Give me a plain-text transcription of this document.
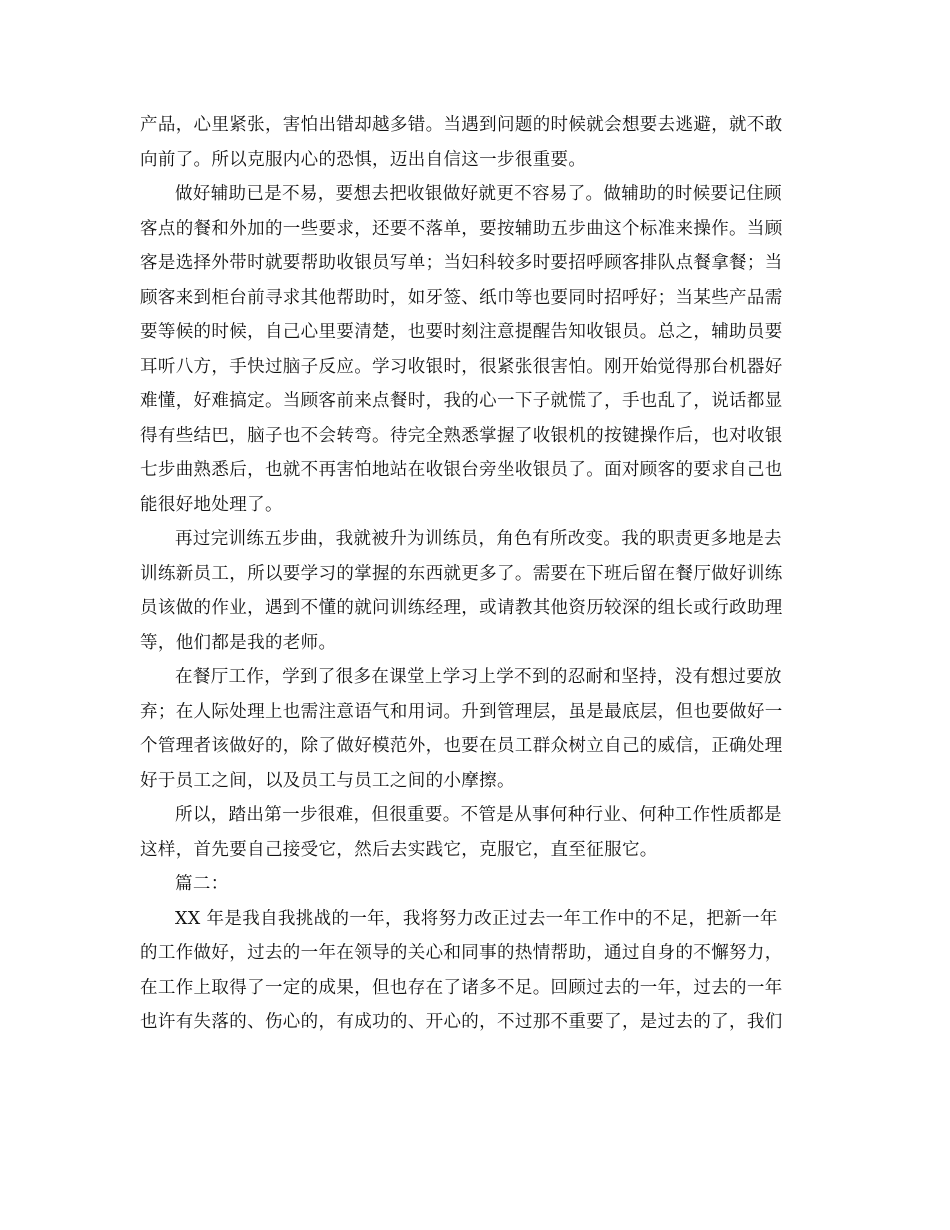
产品，心里紧张，害怕出错却越多错。当遇到问题的时候就会想要去逃避，就不敢
向前了。所以克服内心的恐惧，迈出自信这一步很重要。
做好辅助已是不易，要想去把收银做好就更不容易了。做辅助的时候要记住顾
客点的餐和外加的一些要求，还要不落单，要按辅助五步曲这个标准来操作。当顾
客是选择外带时就要帮助收银员写单；当妇科较多时要招呼顾客排队点餐拿餐；当
顾客来到柜台前寻求其他帮助时，如牙签、纸巾等也要同时招呼好；当某些产品需
要等候的时候，自己心里要清楚，也要时刻注意提醒告知收银员。总之，辅助员要
耳听八方，手快过脑子反应。学习收银时，很紧张很害怕。刚开始觉得那台机器好
难懂，好难搞定。当顾客前来点餐时，我的心一下子就慌了，手也乱了，说话都显
得有些结巴，脑子也不会转弯。待完全熟悉掌握了收银机的按键操作后，也对收银
七步曲熟悉后，也就不再害怕地站在收银台旁坐收银员了。面对顾客的要求自己也
能很好地处理了。
再过完训练五步曲，我就被升为训练员，角色有所改变。我的职责更多地是去
训练新员工，所以要学习的掌握的东西就更多了。需要在下班后留在餐厅做好训练
员该做的作业，遇到不懂的就问训练经理，或请教其他资历较深的组长或行政助理
等，他们都是我的老师。
在餐厅工作，学到了很多在课堂上学习上学不到的忍耐和坚持，没有想过要放
弃；在人际处理上也需注意语气和用词。升到管理层，虽是最底层，但也要做好一
个管理者该做好的，除了做好模范外，也要在员工群众树立自己的威信，正确处理
好于员工之间，以及员工与员工之间的小摩擦。
所以，踏出第一步很难，但很重要。不管是从事何种行业、何种工作性质都是
这样，首先要自己接受它，然后去实践它，克服它，直至征服它。
篇二：
XX 年是我自我挑战的一年，我将努力改正过去一年工作中的不足，把新一年
的工作做好，过去的一年在领导的关心和同事的热情帮助，通过自身的不懈努力，
在工作上取得了一定的成果，但也存在了诸多不足。回顾过去的一年，过去的一年
也许有失落的、伤心的，有成功的、开心的，不过那不重要了，是过去的了，我们
